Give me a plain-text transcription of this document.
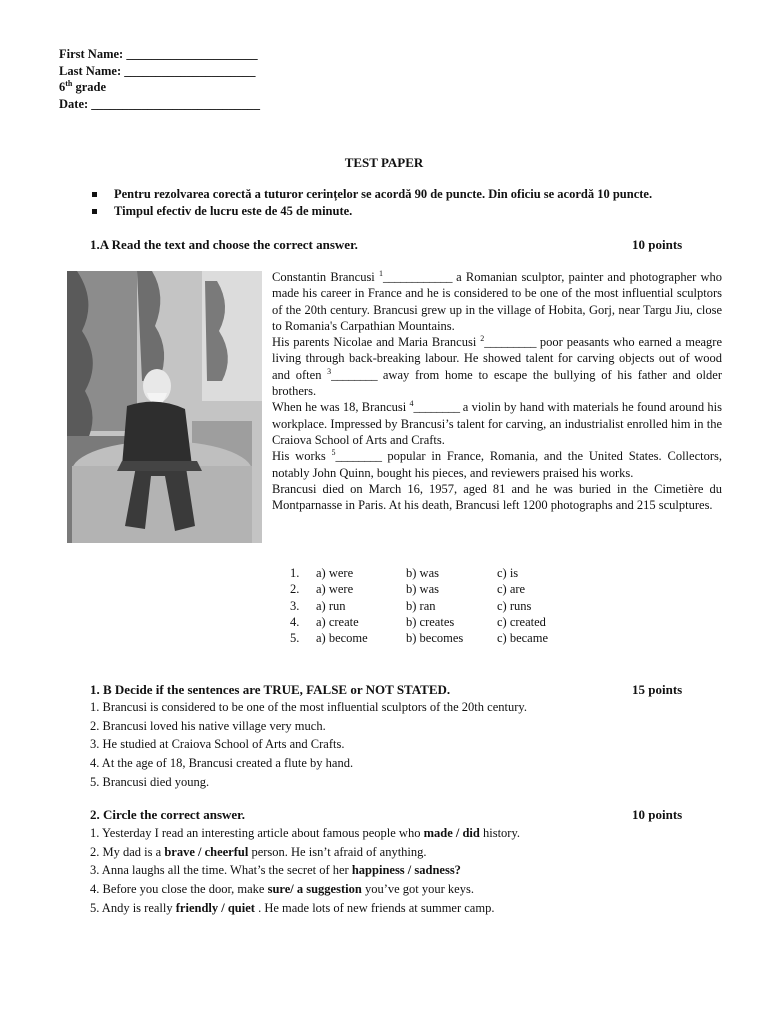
First Name: _____________________
Last Name: _____________________
6th grade
Date: ___________________________
TEST PAPER
Pentru rezolvarea corectă a tuturor cerințelor se acordă 90 de puncte. Din oficiu se acordă 10 puncte.
Timpul efectiv de lucru este de 45 de minute.
1.A Read the text and choose the correct answer.	10 points

Constantin Brancusi $^1$____________ a Romanian sculptor, painter and photographer who made his career in France and he is considered to be one of the most influential sculptors of the 20th century. Brancusi grew up in the village of Hobita, Gorj, near Targu Jiu, close to Romania's Carpathian Mountains.

His parents Nicolae and Maria Brancusi $^2$_________ poor peasants who earned a meagre living through back-breaking labour. He showed talent for carving objects out of wood and often $^3$________ away from home to escape the bullying of his father and older brothers.

When he was 18, Brancusi $^4$________ a violin by hand with materials he found around his workplace. Impressed by Brancusi’s talent for carving, an industrialist enrolled him in the Craiova School of Arts and Crafts.

His works $^5$________ popular in France, Romania, and the United States. Collectors, notably John Quinn, bought his pieces, and reviewers praised his works.

Brancusi died on March 16, 1957, aged 81 and he was buried in the Cimetière du Montparnasse in Paris. At his death, Brancusi left 1200 photographs and 215 sculptures.

1.	a) were	b) was	c) is
2.	a) were	b) was	c) are
3.	a) run	b) ran	c) runs
4.	a) create	b) creates	c) created
5.	a) become	b) becomes	c) became
1. B Decide if the sentences are TRUE, FALSE or NOT STATED.	15 points
1. Brancusi is considered to be one of the most influential sculptors of the 20th century.
2. Brancusi loved his native village very much.
3. He studied at Craiova School of Arts and Crafts.
4. At the age of 18, Brancusi created a flute by hand.
5. Brancusi died young.
2. Circle the correct answer.	10 points
1. Yesterday I read an interesting article about famous people who made / did history.
2. My dad is a brave / cheerful person. He isn’t afraid of anything.
3. Anna laughs all the time. What’s the secret of her happiness / sadness?
4. Before you close the door, make sure/ a suggestion you’ve got your keys.
5. Andy is really friendly / quiet . He made lots of new friends at summer camp.
